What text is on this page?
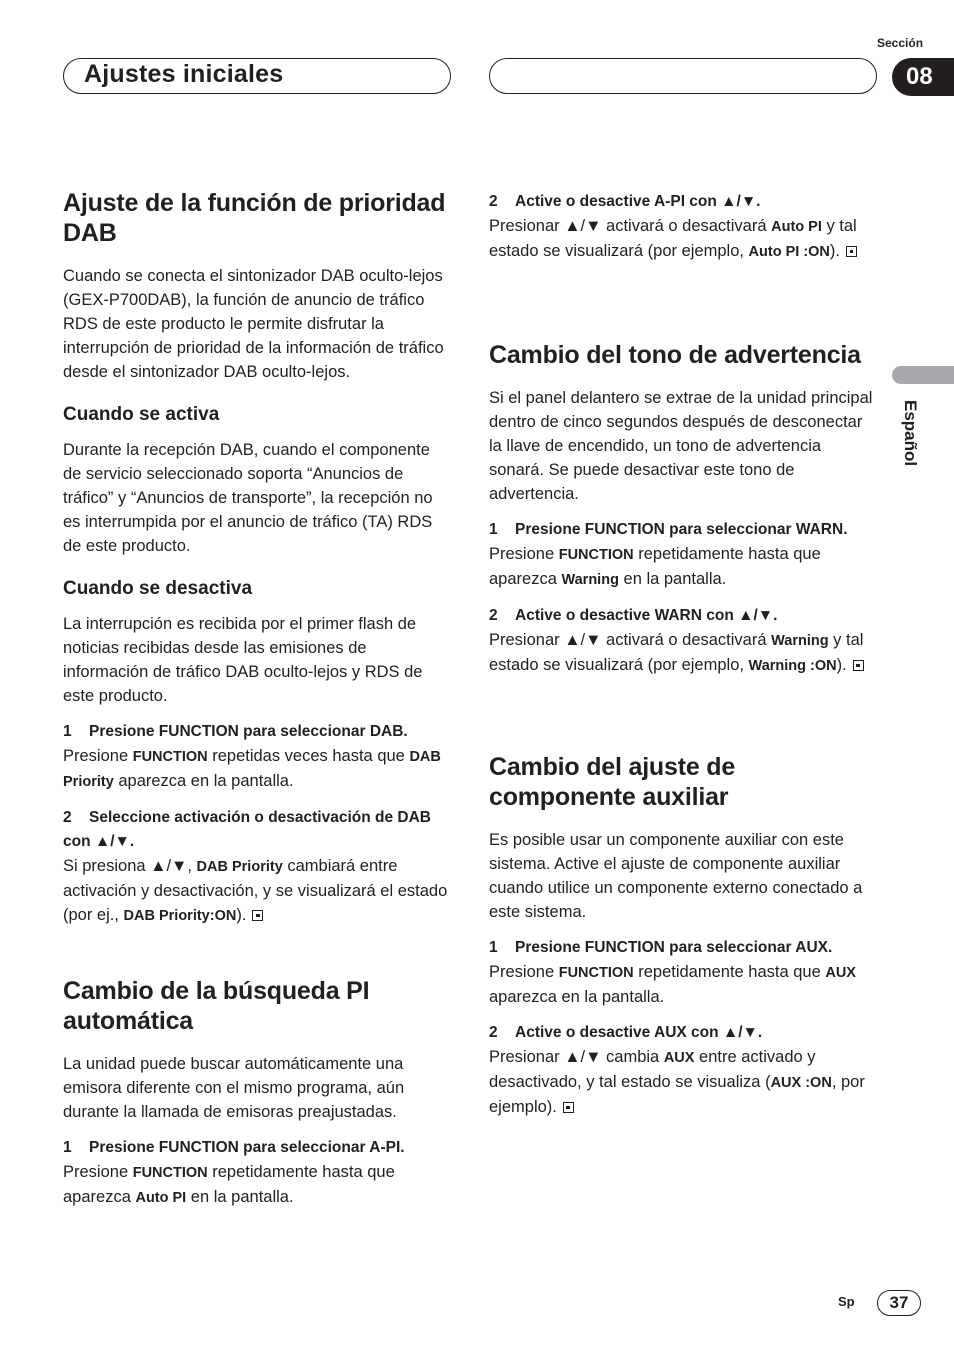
Ajustes iniciales
Sección
08
Español
Ajuste de la función de prioridad DAB

Cuando se conecta el sintonizador DAB oculto-lejos (GEX-P700DAB), la función de anuncio de tráfico RDS de este producto le permite disfrutar la interrupción de prioridad de la información de tráfico desde el sintonizador DAB oculto-lejos.

Cuando se activa

Durante la recepción DAB, cuando el componente de servicio seleccionado soporta “Anuncios de tráfico” y “Anuncios de transporte”, la recepción no es interrumpida por el anuncio de tráfico (TA) RDS de este producto.

Cuando se desactiva

La interrupción es recibida por el primer flash de noticias recibidas desde las emisiones de información de tráfico DAB oculto-lejos y RDS de este producto.

1 Presione FUNCTION para seleccionar DAB.

Presione FUNCTION repetidas veces hasta que DAB Priority aparezca en la pantalla.

2 Seleccione activación o desactivación de DAB con ▲/▼.

Si presiona ▲/▼, DAB Priority cambiará entre activación y desactivación, y se visualizará el estado (por ej., DAB Priority:ON).

Cambio de la búsqueda PI automática

La unidad puede buscar automáticamente una emisora diferente con el mismo programa, aún durante la llamada de emisoras preajustadas.

1 Presione FUNCTION para seleccionar A-PI.

Presione FUNCTION repetidamente hasta que aparezca Auto PI en la pantalla.

2 Active o desactive A-PI con ▲/▼.

Presionar ▲/▼ activará o desactivará Auto PI y tal estado se visualizará (por ejemplo, Auto PI :ON).

Cambio del tono de advertencia

Si el panel delantero se extrae de la unidad principal dentro de cinco segundos después de desconectar la llave de encendido, un tono de advertencia sonará. Se puede desactivar este tono de advertencia.

1 Presione FUNCTION para seleccionar WARN.

Presione FUNCTION repetidamente hasta que aparezca Warning en la pantalla.

2 Active o desactive WARN con ▲/▼.

Presionar ▲/▼ activará o desactivará Warning y tal estado se visualizará (por ejemplo, Warning :ON).

Cambio del ajuste de componente auxiliar

Es posible usar un componente auxiliar con este sistema. Active el ajuste de componente auxiliar cuando utilice un componente externo conectado a este sistema.

1 Presione FUNCTION para seleccionar AUX.

Presione FUNCTION repetidamente hasta que AUX aparezca en la pantalla.

2 Active o desactive AUX con ▲/▼.

Presionar ▲/▼ cambia AUX entre activado y desactivado, y tal estado se visualiza (AUX :ON, por ejemplo).

Sp	37
